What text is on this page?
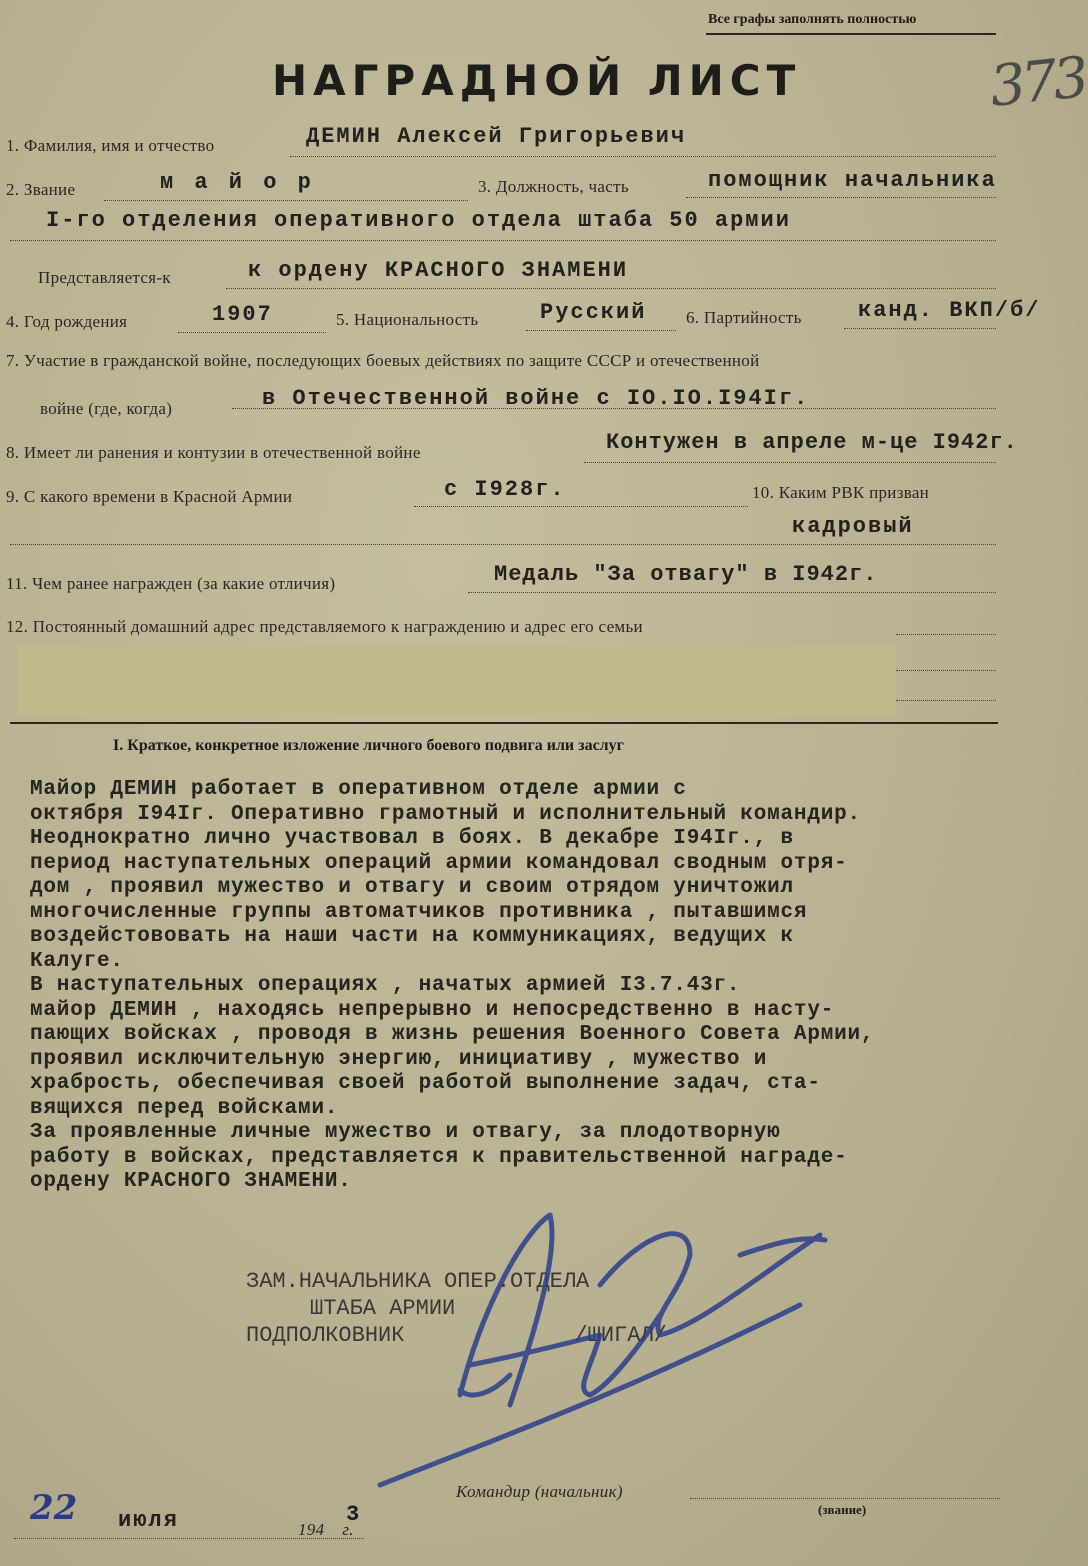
Все графы заполнять полностью
НАГРАДНОЙ ЛИСТ	373
1. Фамилия, имя и отчество	ДЕМИН Алексей Григорьевич
2. Звание	м а й о р	3. Должность, часть	помощник начальника
I-го отделения оперативного отдела штаба 50 армии
Представляется-к	к ордену КРАСНОГО ЗНАМЕНИ
4. Год рождения	1907	5. Национальность	Русский 6. Партийность	канд. ВКП/б/
7. Участие в гражданской войне, последующих боевых действиях по защите СССР и отечественной
войне (где, когда)	в Отечественной войне с IO.IO.I94Iг.
8. Имеет ли ранения и контузии в отечественной войне	Контужен в апреле м-це I942г.
9. С какого времени в Красной Армии	с I928г.	10. Каким РВК призван
кадровый
11. Чем ранее награжден (за какие отличия)	Медаль "За отвагу" в I942г.
12. Постоянный домашний адрес представляемого к награждению и адрес его семьи
I. Краткое, конкретное изложение личного боевого подвига или заслуг
Майор ДЕМИН работает в оперативном отделе армии с
октября I94Iг. Оперативно грамотный и исполнительный командир.
Неоднократно лично участвовал в боях. В декабре I94Iг., в
период наступательных операций армии командовал сводным отря-
дом , проявил мужество и отвагу и своим отрядом уничтожил
многочисленные группы автоматчиков противника , пытавшимся
воздейстововать на наши части на коммуникациях, ведущих к
Калуге.
В наступательных операциях , начатых армией I3.7.43г.
майор ДЕМИН , находясь непрерывно и непосредственно в насту-
пающих войсках , проводя в жизнь решения Военного Совета Армии,
проявил исключительную энергию, инициативу , мужество и
храбрость, обеспечивая своей работой выполнение задач, ста-
вящихся перед войсками.
За проявленные личные мужество и отвагу, за плодотворную
работу в войсках, представляется к правительственной награде-
ордену КРАСНОГО ЗНАМЕНИ.
ЗАМ.НАЧАЛЬНИКА ОПЕР.ОТДЕЛА
ШТАБА АРМИИ
ПОДПОЛКОВНИК	/ШИГАЛ/
Командир (начальник)
(звание)
22 июля	194 г.
3
